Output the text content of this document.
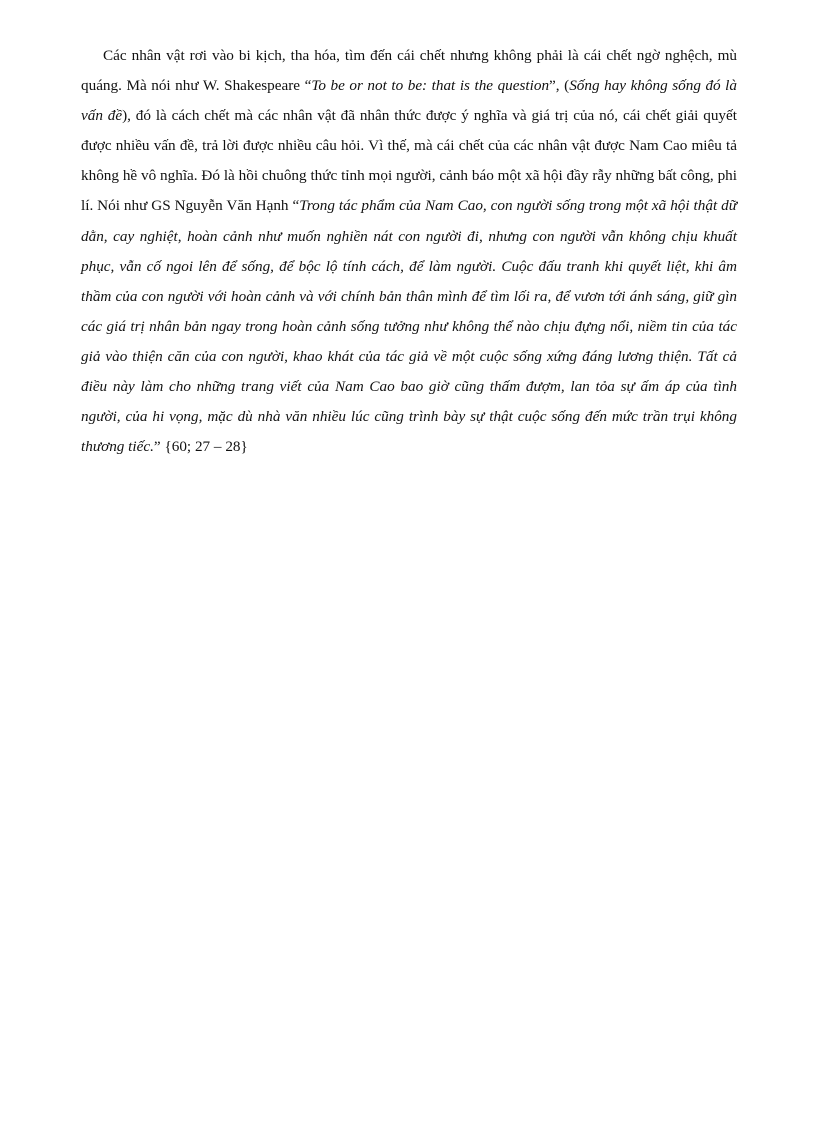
Các nhân vật rơi vào bi kịch, tha hóa, tìm đến cái chết nhưng không phải là cái chết ngờ nghệch, mù quáng. Mà nói như W. Shakespeare “To be or not to be: that is the question”, (Sống hay không sống đó là vấn đề), đó là cách chết mà các nhân vật đã nhân thức được ý nghĩa và giá trị của nó, cái chết giải quyết được nhiều vấn đề, trả lời được nhiều câu hỏi. Vì thế, mà cái chết của các nhân vật được Nam Cao miêu tả không hề vô nghĩa. Đó là hồi chuông thức tỉnh mọi người, cảnh báo một xã hội đầy rẫy những bất công, phi lí. Nói như GS Nguyễn Văn Hạnh “Trong tác phẩm của Nam Cao, con người sống trong một xã hội thật dữ dằn, cay nghiệt, hoàn cảnh như muốn nghiền nát con người đi, nhưng con người vẫn không chịu khuất phục, vẫn cố ngoi lên để sống, để bộc lộ tính cách, để làm người. Cuộc đấu tranh khi quyết liệt, khi âm thầm của con người với hoàn cảnh và với chính bản thân mình để tìm lối ra, để vươn tới ánh sáng, giữ gìn các giá trị nhân bản ngay trong hoàn cảnh sống tưởng như không thể nào chịu đựng nổi, niềm tin của tác giả vào thiện căn của con người, khao khát của tác giả về một cuộc sống xứng đáng lương thiện. Tất cả điều này làm cho những trang viết của Nam Cao bao giờ cũng thấm đượm, lan tỏa sự ấm áp của tình người, của hi vọng, mặc dù nhà văn nhiều lúc cũng trình bày sự thật cuộc sống đến mức trần trụi không thương tiếc.” {60; 27 – 28}
